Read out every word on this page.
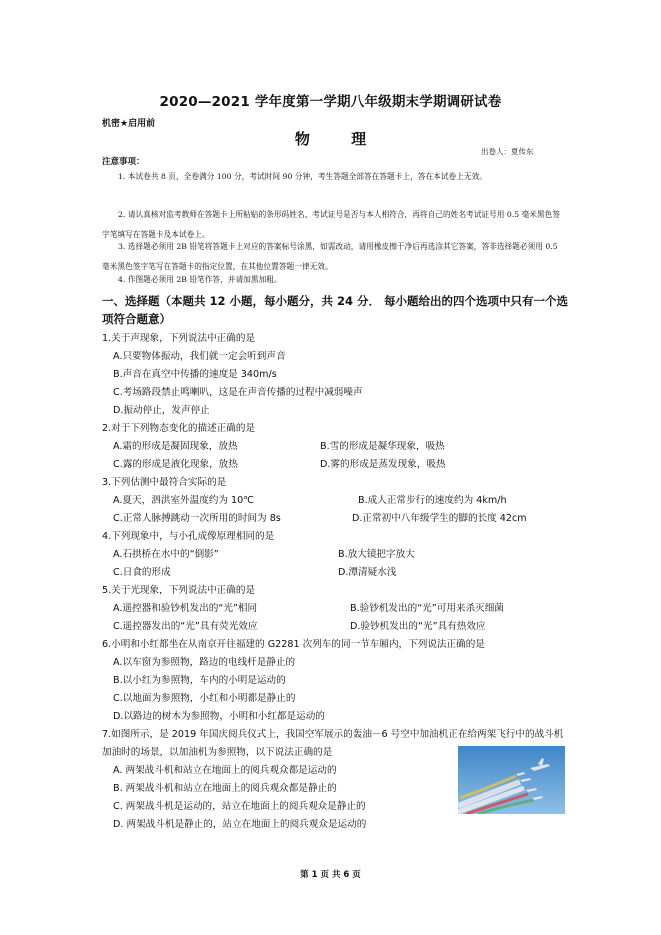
2020—2021 学年度第一学期八年级期末学期调研试卷
机密★启用前
物 理
出卷人：夏传东
注意事项：
1. 本试卷共 8 页，全卷满分 100 分，考试时间 90 分钟，考生答题全部答在答题卡上，答在本试卷上无效。
2. 请认真核对监考教师在答题卡上所粘贴的条形码姓名、考试证号是否与本人相符合，再将自己的姓名考试证号用 0.5 毫米黑色签字笔填写在答题卡及本试卷上。
3. 选择题必须用 2B 铅笔将答题卡上对应的答案标号涂黑，如需改动，请用橡皮擦干净后再选涂其它答案，答非选择题必须用 0.5 毫米黑色签字笔写在答题卡的指定位置，在其他位置答题一律无效。
4. 作图题必须用 2B 铅笔作答，并请加黑加粗。
一、选择题（本题共 12 小题，每小题分，共 24 分． 每小题给出的四个选项中只有一个选项符合题意）
1.关于声现象，下列说法中正确的是
A.只要物体振动，我们就一定会听到声音
B.声音在真空中传播的速度是 340m/s
C.考场路段禁止鸣喇叭，这是在声音传播的过程中减弱噪声
D.振动停止，发声停止
2.对于下列物态变化的描述正确的是
A.霜的形成是凝固现象，放热	B.雪的形成是凝华现象，吸热
C.露的形成是液化现象，放热	D.雾的形成是蒸发现象，吸热
3.下列估测中最符合实际的是
A.夏天，泗洪室外温度约为 10℃	B.成人正常步行的速度约为 4km/h
C.正常人脉搏跳动一次所用的时间为 8s	D.正常初中八年级学生的脚的长度 42cm
4.下列现象中，与小孔成像原理相同的是
A.石拱桥在水中的“倒影”	B.放大镜把字放大
C.日食的形成	D.潭清疑水浅
5.关于光现象，下列说法中正确的是
A.遥控器和验钞机发出的“光”相同	B.验钞机发出的“光”可用来杀灭细菌
C.遥控器发出的“光”具有荧光效应	D.验钞机发出的“光”具有热效应
6.小明和小红都坐在从南京开往福建的 G2281 次列车的同一节车厢内，下列说法正确的是
A.以车窗为参照物，路边的电线杆是静止的
B.以小红为参照物，车内的小明是运动的
C.以地面为参照物，小红和小明都是静止的
D.以路边的树木为参照物，小明和小红都是运动的
7.如图所示，是 2019 年国庆阅兵仪式上，我国空军展示的轰油－6 号空中加油机正在给两架飞行中的战斗机加油时的场景，以加油机为参照物，以下说法正确的是
A. 两架战斗机和站立在地面上的阅兵观众都是运动的
B. 两架战斗机和站立在地面上的阅兵观众都是静止的
C. 两架战斗机是运动的，站立在地面上的阅兵观众是静止的
D. 两架战斗机是静止的，站立在地面上的阅兵观众是运动的
第 1 页 共 6 页
